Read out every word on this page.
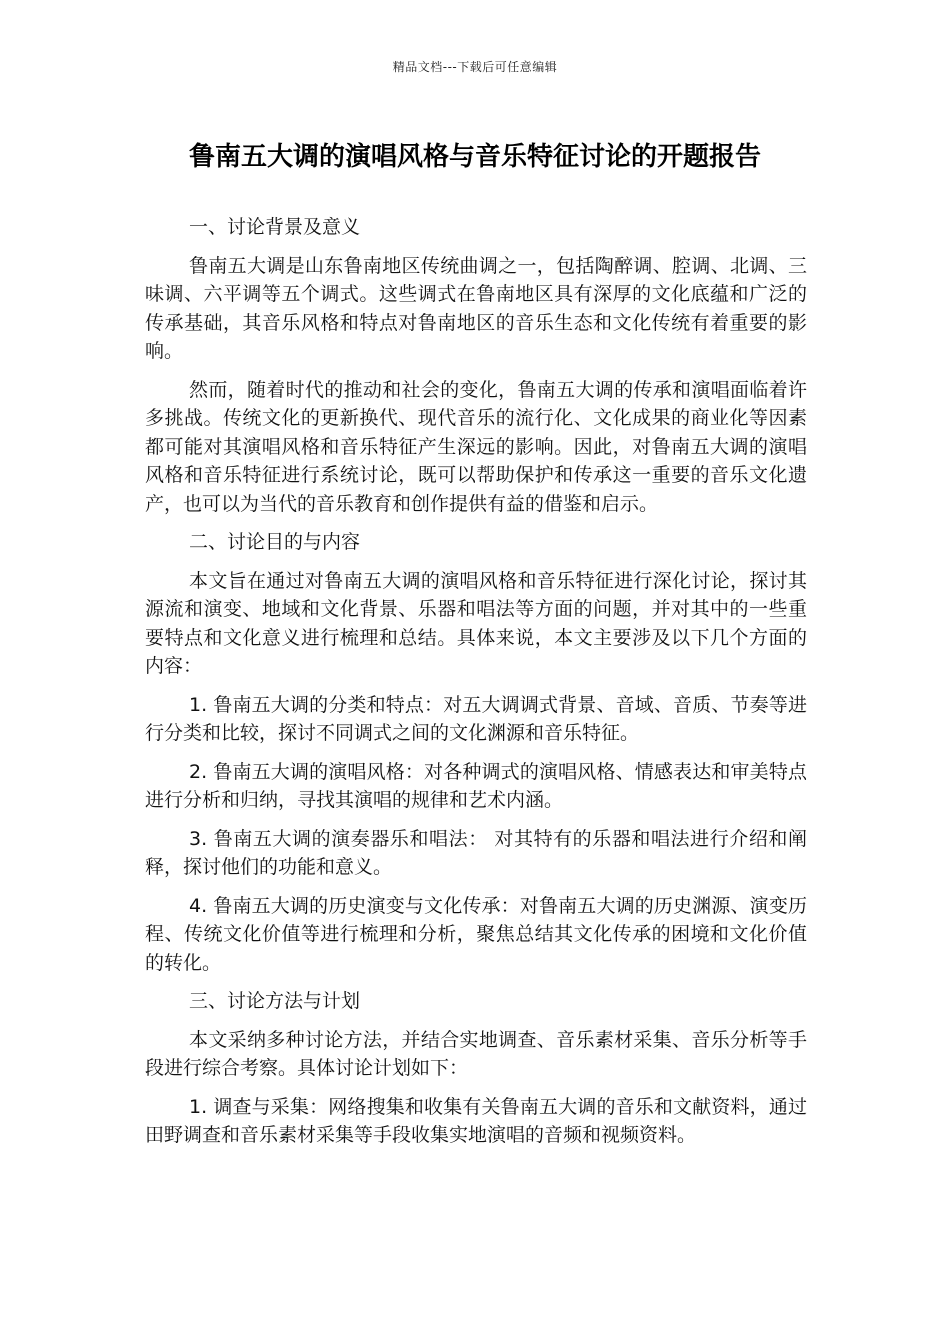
精品文档---下载后可任意编辑
鲁南五大调的演唱风格与音乐特征讨论的开题报告

一、讨论背景及意义

鲁南五大调是山东鲁南地区传统曲调之一，包括陶醉调、腔调、北调、三味调、六平调等五个调式。这些调式在鲁南地区具有深厚的文化底蕴和广泛的传承基础，其音乐风格和特点对鲁南地区的音乐生态和文化传统有着重要的影响。

然而，随着时代的推动和社会的变化，鲁南五大调的传承和演唱面临着许多挑战。传统文化的更新换代、现代音乐的流行化、文化成果的商业化等因素都可能对其演唱风格和音乐特征产生深远的影响。因此，对鲁南五大调的演唱风格和音乐特征进行系统讨论，既可以帮助保护和传承这一重要的音乐文化遗产，也可以为当代的音乐教育和创作提供有益的借鉴和启示。

二、讨论目的与内容

本文旨在通过对鲁南五大调的演唱风格和音乐特征进行深化讨论，探讨其源流和演变、地域和文化背景、乐器和唱法等方面的问题，并对其中的一些重要特点和文化意义进行梳理和总结。具体来说，本文主要涉及以下几个方面的内容：

1. 鲁南五大调的分类和特点：对五大调调式背景、音域、音质、节奏等进行分类和比较，探讨不同调式之间的文化渊源和音乐特征。

2. 鲁南五大调的演唱风格：对各种调式的演唱风格、情感表达和审美特点进行分析和归纳，寻找其演唱的规律和艺术内涵。

3. 鲁南五大调的演奏器乐和唱法： 对其特有的乐器和唱法进行介绍和阐释，探讨他们的功能和意义。

4. 鲁南五大调的历史演变与文化传承：对鲁南五大调的历史渊源、演变历程、传统文化价值等进行梳理和分析，聚焦总结其文化传承的困境和文化价值的转化。

三、讨论方法与计划

本文采纳多种讨论方法，并结合实地调查、音乐素材采集、音乐分析等手段进行综合考察。具体讨论计划如下：

1. 调查与采集：网络搜集和收集有关鲁南五大调的音乐和文献资料，通过田野调查和音乐素材采集等手段收集实地演唱的音频和视频资料。
